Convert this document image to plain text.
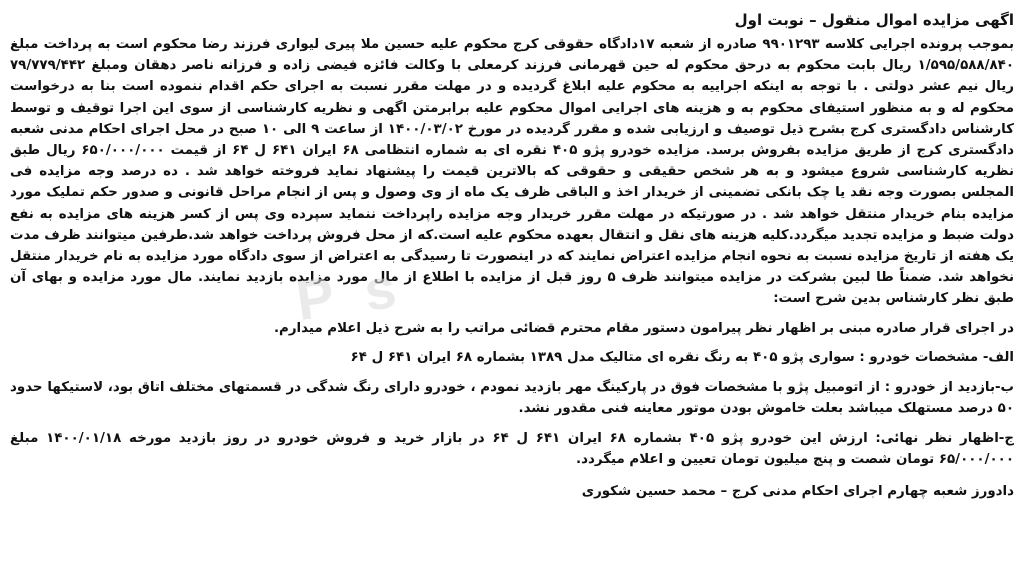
P  s
اگهی مزایده اموال منقول – نوبت اول

بموجب پرونده اجرایی کلاسه ۹۹۰۱۲۹۳ صادره از شعبه ۱۷دادگاه حقوقی کرج محکوم علیه حسین ملا پیری لیواری فرزند رضا محکوم است به پرداخت مبلغ ۱/۵۹۵/۵۸۸/۸۴۰ ریال بابت محکوم به درحق محکوم له حین قهرمانی فرزند کرمعلی با وکالت فائزه فیضی زاده و فرزانه ناصر دهقان ومبلغ ۷۹/۷۷۹/۴۴۲ ریال نیم عشر دولتی . با توجه به اینکه اجراییه به محکوم علیه ابلاغ گردیده و در مهلت مقرر نسبت به اجرای حکم اقدام ننموده است بنا به درخواست محکوم له و به منظور استیفای محکوم به و هزینه های اجرایی اموال محکوم علیه برابرمتن اگهی و نظریه کارشناسی از سوی این اجرا توقیف و توسط کارشناس دادگستری کرج بشرح ذیل توصیف و ارزیابی شده و مقرر گردیده در مورخ ۱۴۰۰/۰۳/۰۲ از ساعت ۹ الی ۱۰ صبح در محل اجرای احکام مدنی شعبه دادگستری کرج از طریق مزایده بفروش برسد. مزایده خودرو پژو ۴۰۵ نقره ای به شماره انتظامی ۶۸ ایران ۶۴۱ ل ۶۴ از قیمت ۶۵۰/۰۰۰/۰۰۰ ریال طبق نظریه کارشناسی شروع میشود و به هر شخص حقیقی و حقوقی که بالاترین قیمت را پیشنهاد نماید فروخته خواهد شد . ده درصد وجه مزایده فی المجلس بصورت وجه نقد یا چک بانکی تضمینی از خریدار اخذ و الباقی ظرف یک ماه از وی وصول و پس از انجام مراحل قانونی و صدور حکم تملیک مورد مزایده بنام خریدار منتقل خواهد شد . در صورتیکه در مهلت مقرر خریدار وجه مزایده راپرداخت ننماید سپرده وی پس از کسر هزینه های مزایده به نفع دولت ضبط و مزایده تجدید میگردد.کلیه هزینه های نقل و انتقال بعهده محکوم علیه است.که از محل فروش پرداخت خواهد شد.طرفین میتوانند ظرف مدت یک هفته از تاریخ مزایده نسبت به نحوه انجام مزایده اعتراض نمایند که در اینصورت تا رسیدگی به اعتراض از سوی دادگاه مورد مزایده به نام خریدار منتقل نخواهد شد. ضمناً طا لبین بشرکت در مزایده میتوانند ظرف ۵ روز قبل از مزایده با اطلاع از مال مورد مزایده بازدید نمایند. مال مورد مزایده و بهای آن طبق نظر کارشناس بدین شرح است:

در اجرای قرار صادره مبنی بر اظهار نظر پیرامون دستور مقام محترم قضائی مراتب را به شرح ذیل اعلام میدارم.

الف- مشخصات خودرو : سواری پژو ۴۰۵ به رنگ نقره ای متالیک مدل ۱۳۸۹ بشماره ۶۸ ایران ۶۴۱ ل ۶۴

ب-بازدید از خودرو : از اتومبیل پژو با مشخصات فوق در پارکینگ مهر بازدید نمودم ، خودرو دارای رنگ شدگی در قسمتهای مختلف اتاق بود، لاستیکها حدود ۵۰ درصد مستهلک میباشد بعلت خاموش بودن موتور معاینه فنی مقدور نشد.

ج-اظهار نظر نهائی: ارزش این خودرو پژو ۴۰۵ بشماره ۶۸ ایران ۶۴۱ ل ۶۴ در بازار خرید و فروش خودرو در روز بازدید مورخه ۱۴۰۰/۰۱/۱۸ مبلغ ۶۵/۰۰۰/۰۰۰ تومان شصت و پنج میلیون تومان تعیین و اعلام میگردد.

دادورز شعبه چهارم اجرای احکام مدنی کرج – محمد حسین شکوری
